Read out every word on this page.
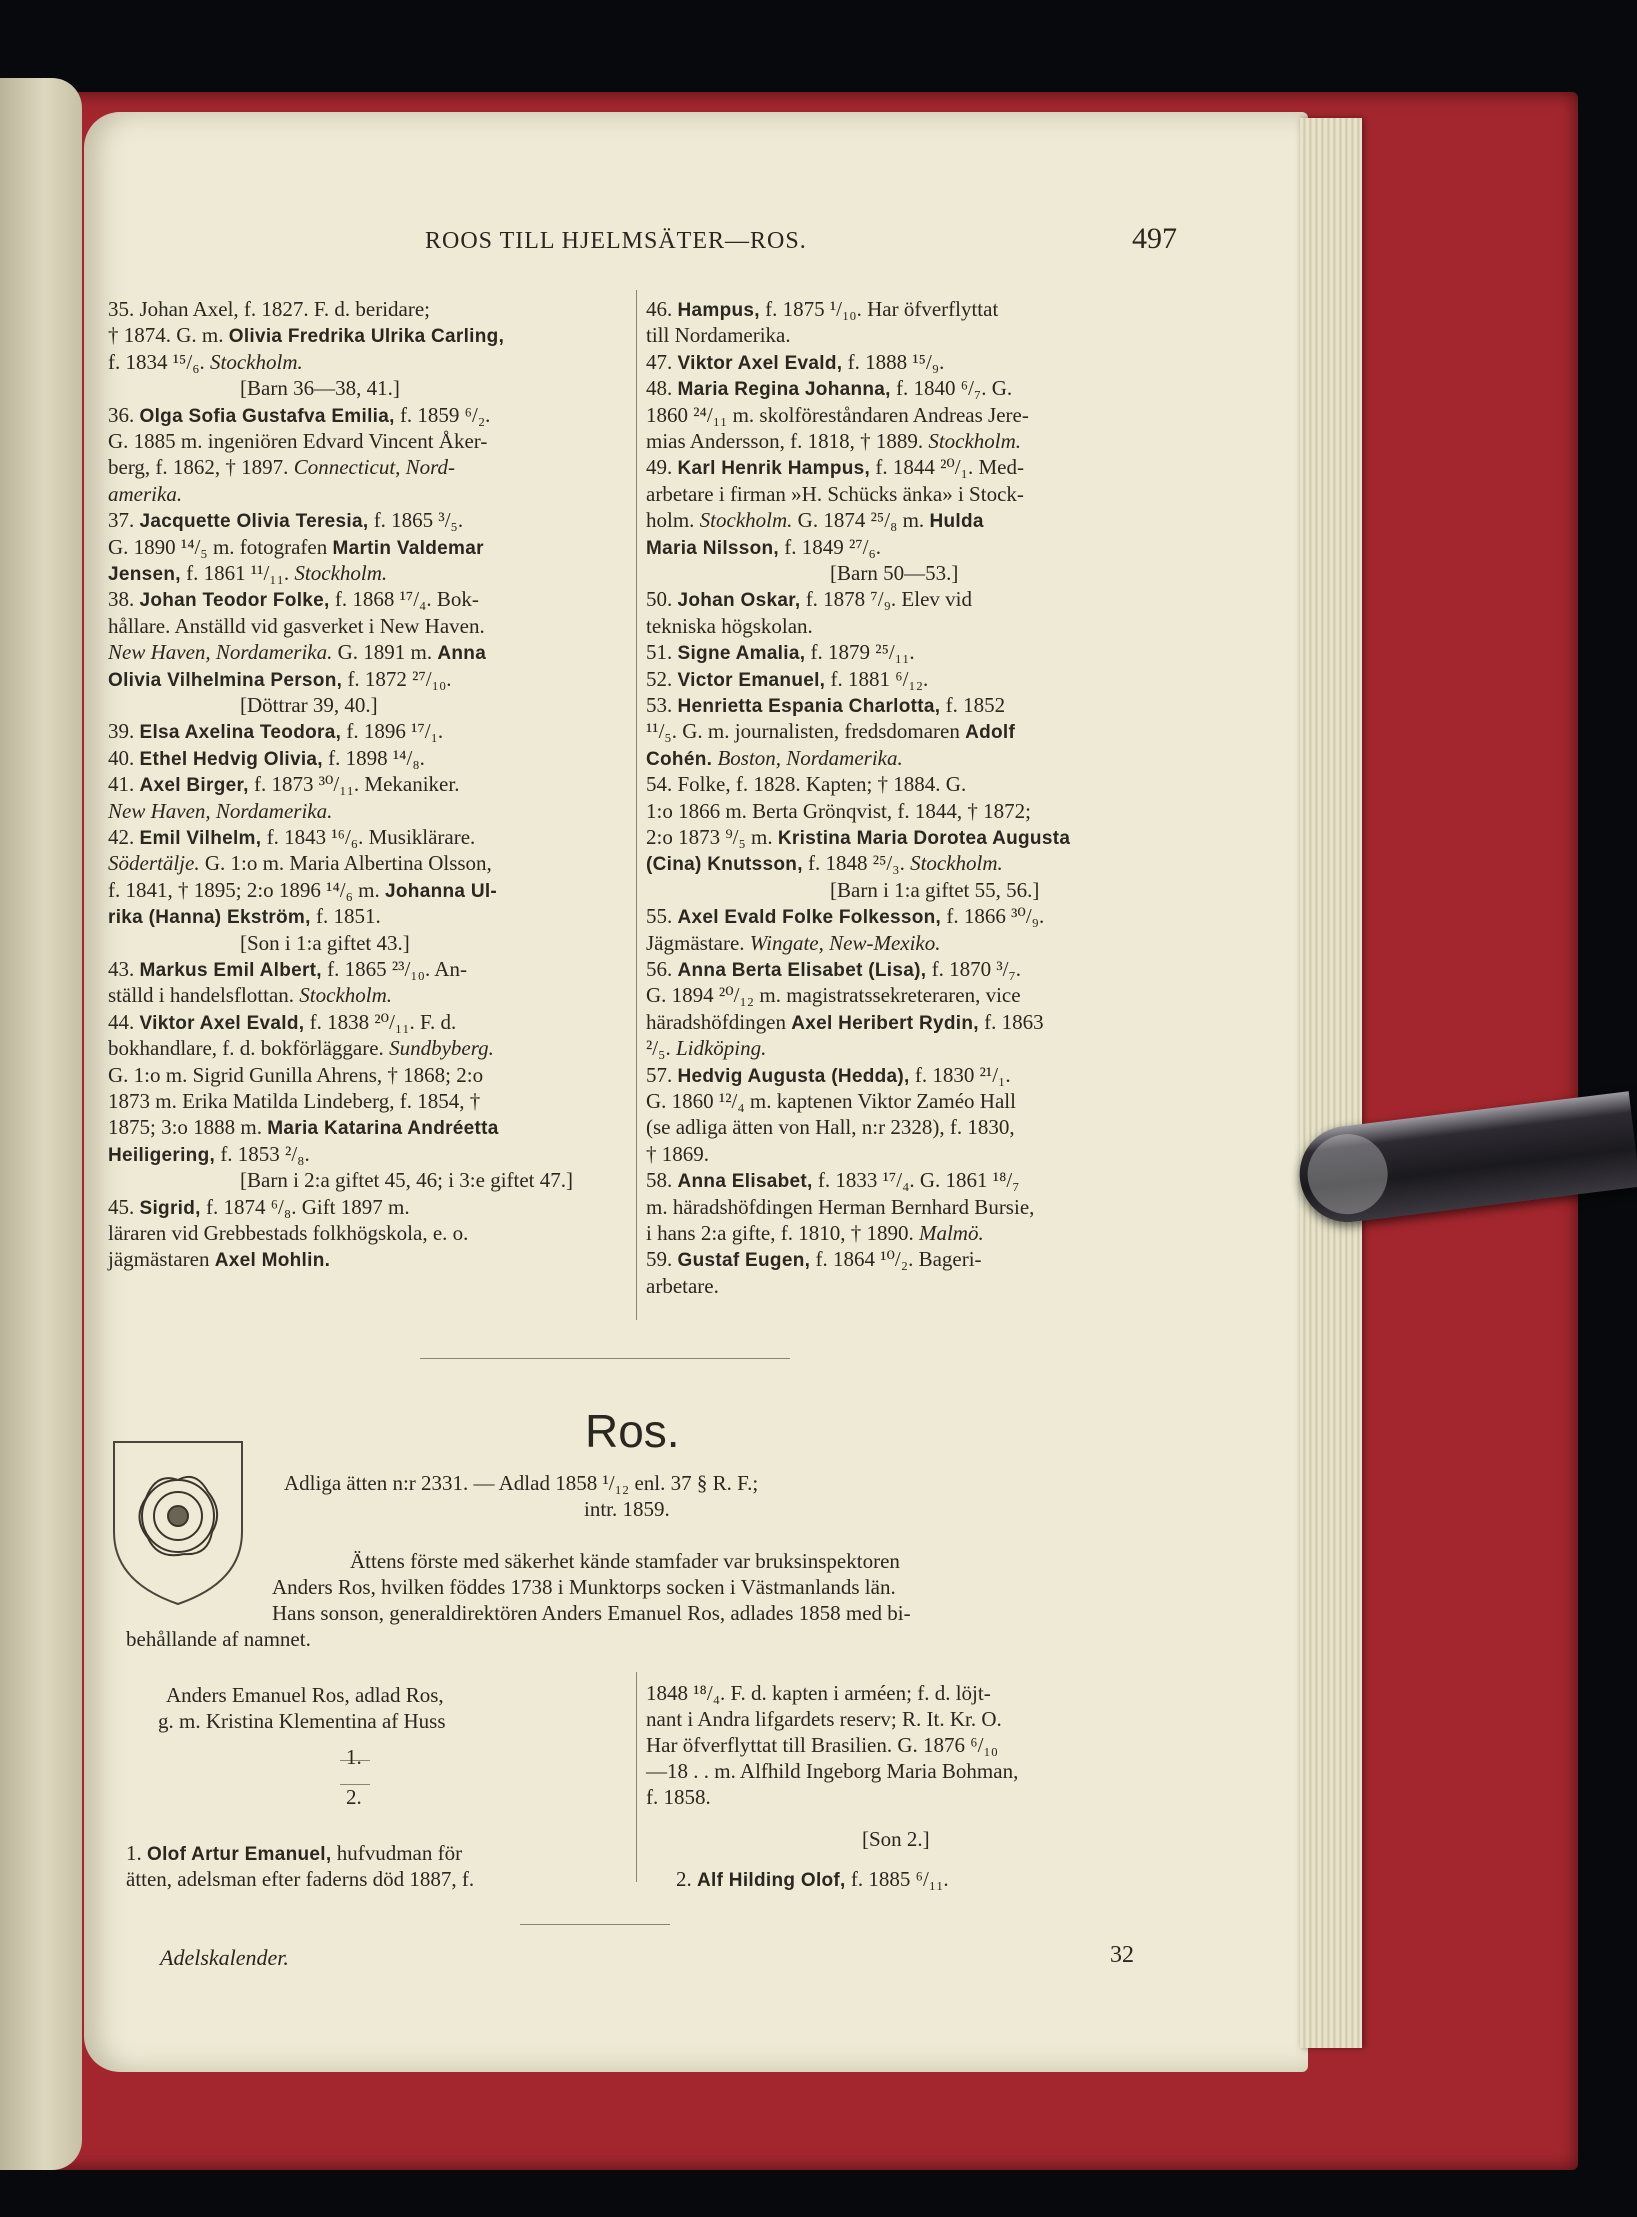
ROOS TILL HJELMSÄTER—ROS.	497
Ros.
Adelskalender.	32
35. Johan Axel, f. 1827. F. d. beridare;
† 1874. G. m. Olivia Fredrika Ulrika Carling,
f. 1834 ¹⁵/₆. Stockholm.
[Barn 36—38, 41.]
36. Olga Sofia Gustafva Emilia, f. 1859 ⁶/₂.
G. 1885 m. ingeniören Edvard Vincent Åker-
berg, f. 1862, † 1897. Connecticut, Nord-
amerika.
37. Jacquette Olivia Teresia, f. 1865 ³/₅.
G. 1890 ¹⁴/₅ m. fotografen Martin Valdemar
Jensen, f. 1861 ¹¹/₁₁. Stockholm.
38. Johan Teodor Folke, f. 1868 ¹⁷/₄. Bok-
hållare. Anställd vid gasverket i New Haven.
New Haven, Nordamerika. G. 1891 m. Anna
Olivia Vilhelmina Person, f. 1872 ²⁷/₁₀.
[Döttrar 39, 40.]
39. Elsa Axelina Teodora, f. 1896 ¹⁷/₁.
40. Ethel Hedvig Olivia, f. 1898 ¹⁴/₈.
41. Axel Birger, f. 1873 ³⁰/₁₁. Mekaniker.
New Haven, Nordamerika.
42. Emil Vilhelm, f. 1843 ¹⁶/₆. Musiklärare.
Södertälje. G. 1:o m. Maria Albertina Olsson,
f. 1841, † 1895; 2:o 1896 ¹⁴/₆ m. Johanna Ul-
rika (Hanna) Ekström, f. 1851.
[Son i 1:a giftet 43.]
43. Markus Emil Albert, f. 1865 ²³/₁₀. An-
ställd i handelsflottan. Stockholm.
44. Viktor Axel Evald, f. 1838 ²⁰/₁₁. F. d.
bokhandlare, f. d. bokförläggare. Sundbyberg.
G. 1:o m. Sigrid Gunilla Ahrens, † 1868; 2:o
1873 m. Erika Matilda Lindeberg, f. 1854, †
1875; 3:o 1888 m. Maria Katarina Andréetta
Heiligering, f. 1853 ²/₈.
[Barn i 2:a giftet 45, 46; i 3:e giftet 47.]
45. Sigrid, f. 1874 ⁶/₈. Gift 1897 m.
läraren vid Grebbestads folkhögskola, e. o.
jägmästaren Axel Mohlin.
46. Hampus, f. 1875 ¹/₁₀. Har öfverflyttat
till Nordamerika.
47. Viktor Axel Evald, f. 1888 ¹⁵/₉.
48. Maria Regina Johanna, f. 1840 ⁶/₇. G.
1860 ²⁴/₁₁ m. skolföreståndaren Andreas Jere-
mias Andersson, f. 1818, † 1889. Stockholm.
49. Karl Henrik Hampus, f. 1844 ²⁰/₁. Med-
arbetare i firman »H. Schücks änka» i Stock-
holm. Stockholm. G. 1874 ²⁵/₈ m. Hulda
Maria Nilsson, f. 1849 ²⁷/₆.
[Barn 50—53.]
50. Johan Oskar, f. 1878 ⁷/₉. Elev vid
tekniska högskolan.
51. Signe Amalia, f. 1879 ²⁵/₁₁.
52. Victor Emanuel, f. 1881 ⁶/₁₂.
53. Henrietta Espania Charlotta, f. 1852
¹¹/₅. G. m. journalisten, fredsdomaren Adolf
Cohén. Boston, Nordamerika.
54. Folke, f. 1828. Kapten; † 1884. G.
1:o 1866 m. Berta Grönqvist, f. 1844, † 1872;
2:o 1873 ⁹/₅ m. Kristina Maria Dorotea Augusta
(Cina) Knutsson, f. 1848 ²⁵/₃. Stockholm.
[Barn i 1:a giftet 55, 56.]
55. Axel Evald Folke Folkesson, f. 1866 ³⁰/₉.
Jägmästare. Wingate, New-Mexiko.
56. Anna Berta Elisabet (Lisa), f. 1870 ³/₇.
G. 1894 ²⁰/₁₂ m. magistratssekreteraren, vice
häradshöfdingen Axel Heribert Rydin, f. 1863
²/₅. Lidköping.
57. Hedvig Augusta (Hedda), f. 1830 ²¹/₁.
G. 1860 ¹²/₄ m. kaptenen Viktor Zaméo Hall
(se adliga ätten von Hall, n:r 2328), f. 1830,
† 1869.
58. Anna Elisabet, f. 1833 ¹⁷/₄. G. 1861 ¹⁸/₇
m. häradshöfdingen Herman Bernhard Bursie,
i hans 2:a gifte, f. 1810, † 1890. Malmö.
59. Gustaf Eugen, f. 1864 ¹⁰/₂. Bageri-
arbetare.
Adliga ätten n:r 2331. — Adlad 1858 ¹/₁₂ enl. 37 § R. F.;
intr. 1859.
Ättens förste med säkerhet kände stamfader var bruksinspektoren
Anders Ros, hvilken föddes 1738 i Munktorps socken i Västmanlands län.
Hans sonson, generaldirektören Anders Emanuel Ros, adlades 1858 med bi-
behållande af namnet.
Anders Emanuel Ros, adlad Ros,
g. m. Kristina Klementina af Huss
1.
2.
1. Olof Artur Emanuel, hufvudman för
ätten, adelsman efter faderns död 1887, f.
1848 ¹⁸/₄. F. d. kapten i arméen; f. d. löjt-
nant i Andra lifgardets reserv; R. It. Kr. O.
Har öfverflyttat till Brasilien. G. 1876 ⁶/₁₀
—18 . . m. Alfhild Ingeborg Maria Bohman,
f. 1858.
[Son 2.]
2. Alf Hilding Olof, f. 1885 ⁶/₁₁.
